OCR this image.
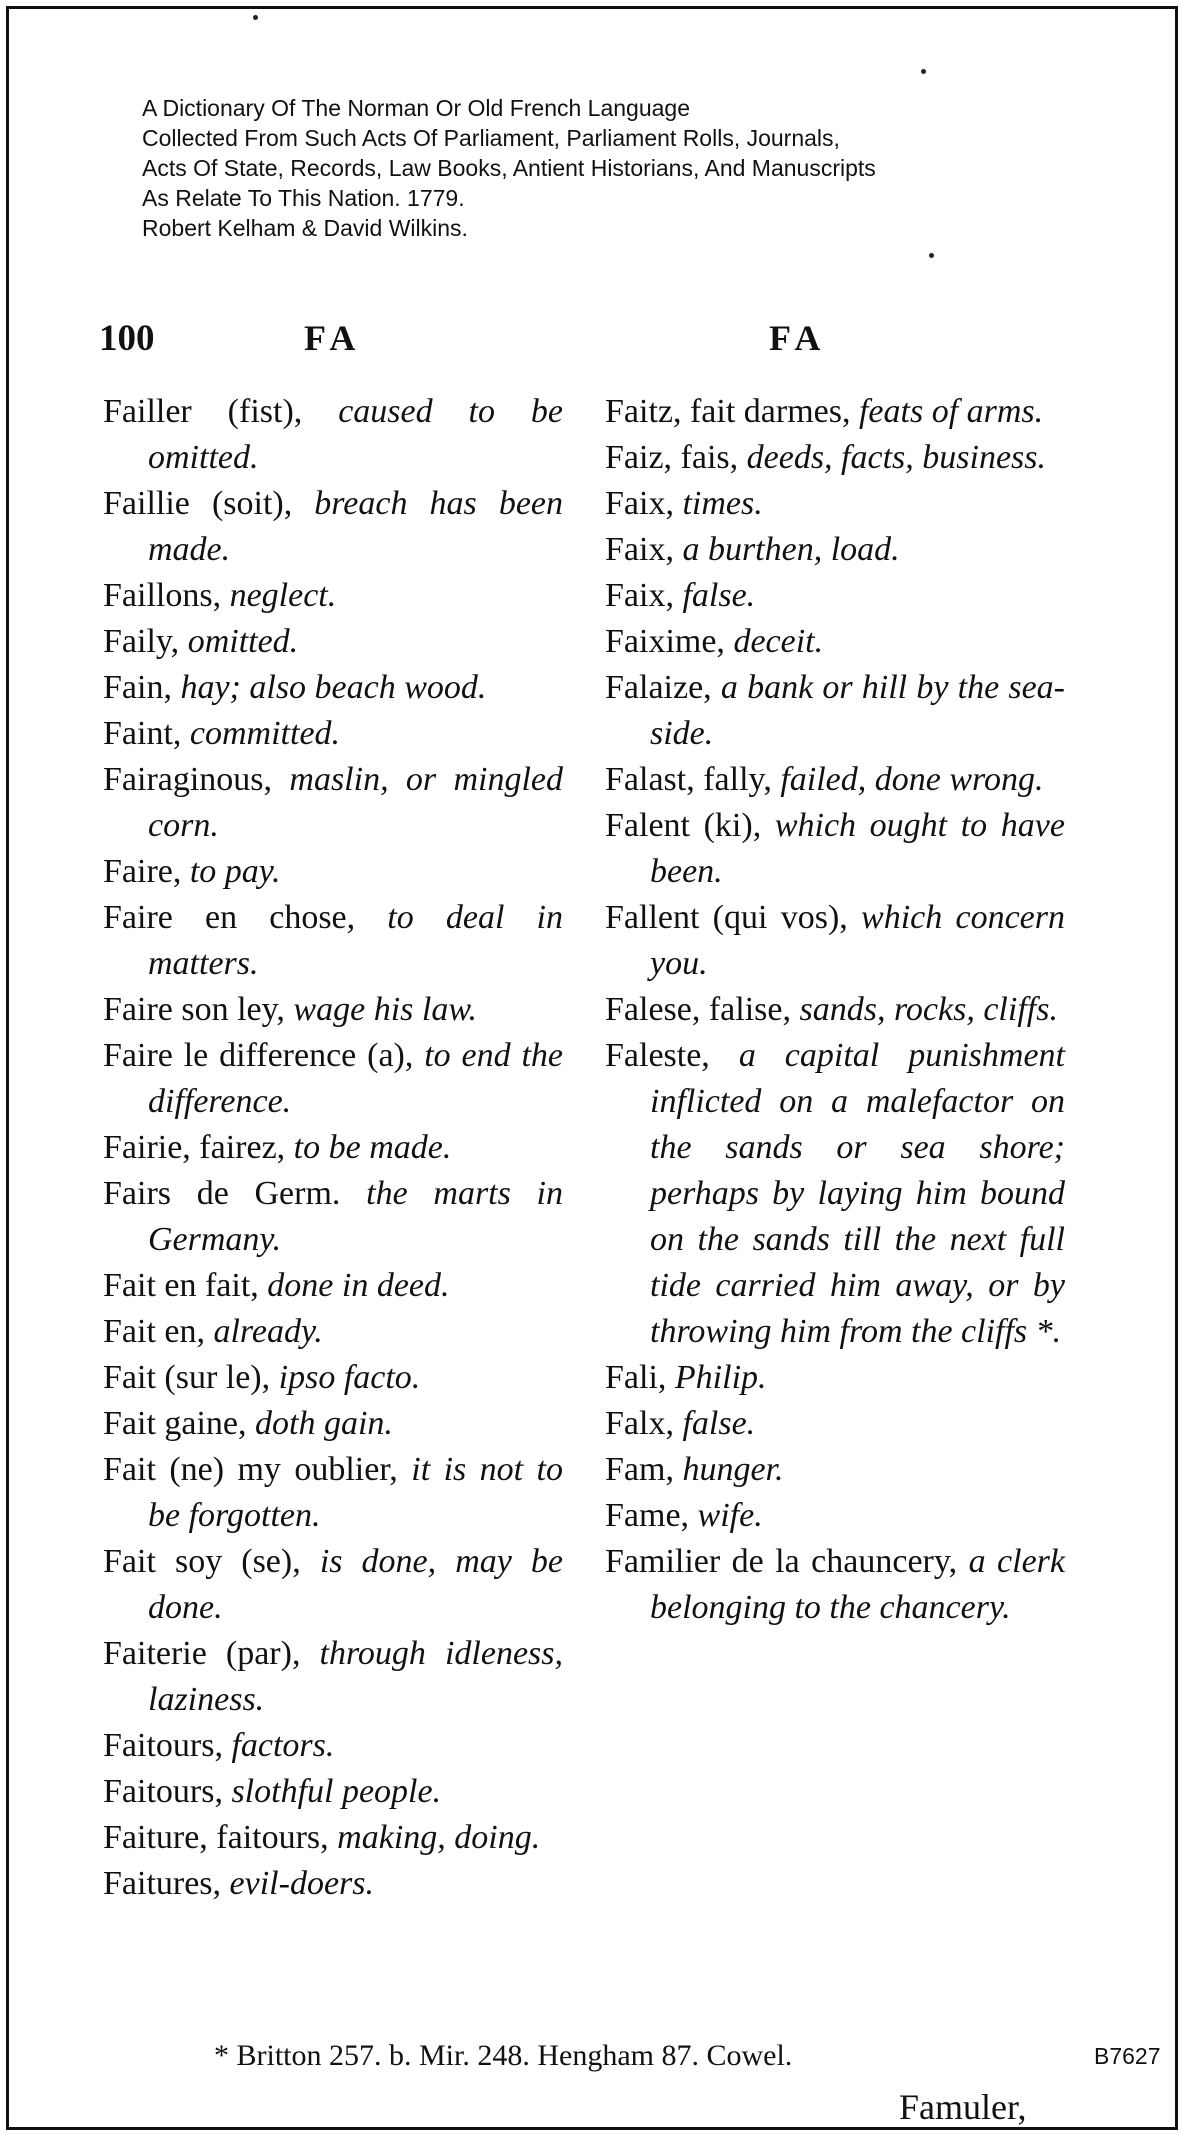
A Dictionary Of The Norman Or Old French Language
Collected From Such Acts Of Parliament, Parliament Rolls, Journals,
Acts Of State, Records, Law Books, Antient Historians, And Manuscripts
As Relate To This Nation. 1779.
Robert Kelham & David Wilkins.
100	FA	FA
Failler (fist), caused to be omitted.
Faillie (soit), breach has been made.
Faillons, neglect.
Faily, omitted.
Fain, hay; also beach wood.
Faint, committed.
Fairaginous, maslin, or mingled corn.
Faire, to pay.
Faire en chose, to deal in matters.
Faire son ley, wage his law.
Faire le difference (a), to end the difference.
Fairie, fairez, to be made.
Fairs de Germ. the marts in Germany.
Fait en fait, done in deed.
Fait en, already.
Fait (sur le), ipso facto.
Fait gaine, doth gain.
Fait (ne) my oublier, it is not to be forgotten.
Fait soy (se), is done, may be done.
Faiterie (par), through idleness, laziness.
Faitours, factors.
Faitours, slothful people.
Faiture, faitours, making, doing.
Faitures, evil-doers.
Faitz, fait darmes, feats of arms.
Faiz, fais, deeds, facts, business.
Faix, times.
Faix, a burthen, load.
Faix, false.
Faixime, deceit.
Falaize, a bank or hill by the sea-side.
Falast, fally, failed, done wrong.
Falent (ki), which ought to have been.
Fallent (qui vos), which concern you.
Falese, falise, sands, rocks, cliffs.
Faleste, a capital punishment inflicted on a malefactor on the sands or sea shore; perhaps by laying him bound on the sands till the next full tide carried him away, or by throwing him from the cliffs *.
Fali, Philip.
Falx, false.
Fam, hunger.
Fame, wife.
Familier de la chauncery, a clerk belonging to the chancery.
* Britton 257. b. Mir. 248. Hengham 87. Cowel.	B7627
Famuler,
